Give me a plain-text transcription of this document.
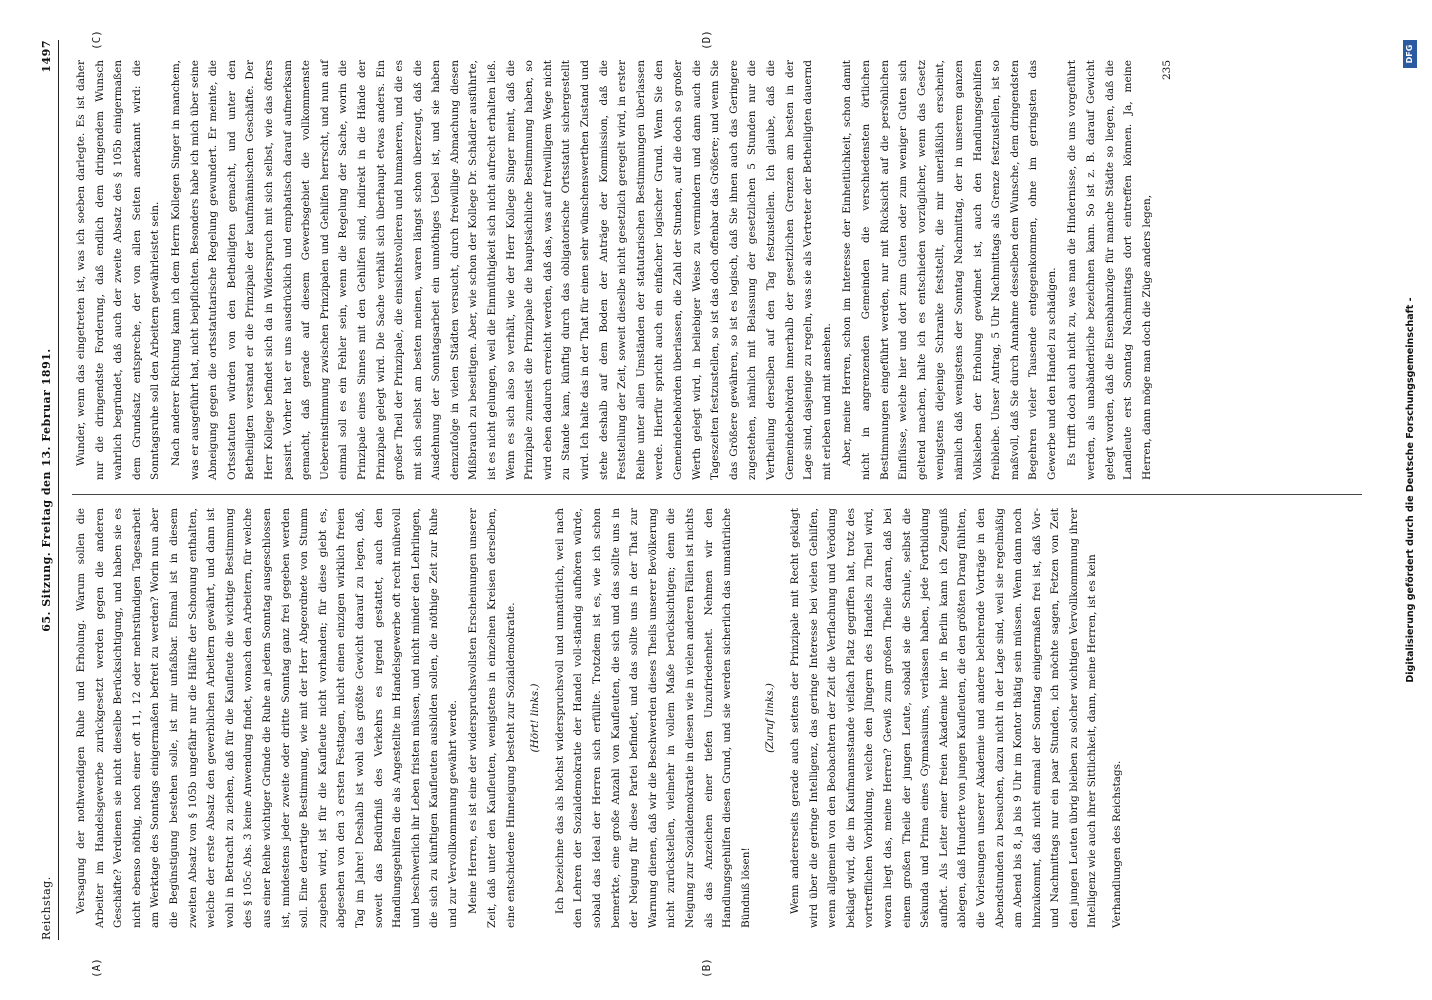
Reichstag.
65. Sitzung. Freitag den 13. Februar 1891.
1497
(A)	(B)
(C)	(D)

Versagung der nothwendigen Ruhe und Erholung. Warum sollen die Arbeiter im Handelsgewerbe zurückgesetzt werden gegen die anderen Geschäfte? Verdienen sie nicht dieselbe Berücksichtigung, und haben sie es nicht ebenso nöthig, noch einer oft 11, 12 oder mehrstündigen Tagesarbeit am Werktage des Sonntags einigermaßen befreit zu werden? Worin nun aber die Begünstigung bestehen solle, ist mir unfaßbar. Einmal ist in diesem zweiten Absatz von § 105b ungefähr nur die Hälfte der Schonung enthalten, welche der erste Absatz den gewerblichen Arbeitern gewährt, und dann ist wohl in Betracht zu ziehen, daß für die Kaufleute die wichtige Bestimmung des § 105c Abs. 3 keine Anwendung findet, wonach den Arbeitern, für welche aus einer Reihe wichtiger Gründe die Ruhe an jedem Sonntag ausgeschlossen ist, mindestens jeder zweite oder dritte Sonntag ganz frei gegeben werden soll. Eine derartige Bestimmung, wie mit der Herr Abgeordnete von Stumm zugeben wird, ist für die Kaufleute nicht vorhanden; für diese giebt es, abgesehen von den 3 ersten Festtagen, nicht einen einzigen wirklich freien Tag im Jahre! Deshalb ist wohl das größte Gewicht darauf zu legen, daß, soweit das Bedürfniß des Verkehrs es irgend gestattet, auch den Handlungsgehilfen die als Angestellte im Handelsgewerbe oft recht mühevoll und beschwerlich ihr Leben fristen müssen, und nicht minder den Lehrlingen, die sich zu künftigen Kaufleuten ausbilden sollen, die nöthige Zeit zur Ruhe und zur Vervollkommnung gewährt werde. Meine Herren, es ist eine der widerspruchsvollsten Erscheinungen unserer Zeit, daß unter den Kaufleuten, wenigstens in einzelnen Kreisen derselben, eine entschiedene Hinneigung besteht zur Sozialdemokratie.	(Hört! links.)	Ich bezeichne das als höchst widerspruchsvoll und unnatürlich, weil nach den Lehren der Sozialdemokratie der Handel voll-ständig aufhören würde, sobald das Ideal der Herren sich erfüllte. Trotzdem ist es, wie ich schon bemerkte, eine große Anzahl von Kaufleuten, die sich und das sollte uns in der Neigung für diese Partei befindet, und das sollte uns in der That zur Warnung dienen, daß wir die Beschwerden dieses Theils unserer Bevölkerung nicht zurückstellen, vielmehr in vollem Maße berücksichtigen; denn die Neigung zur Sozialdemokratie in diesen wie in vielen anderen Fällen ist nichts als das Anzeichen einer tiefen Unzufriedenheit. Nehmen wir den Handlungsgehilfen diesen Grund, und sie werden sicherlich das unnatürliche Bündniß lösen!

(Zuruf links.)	Wenn andererseits gerade auch seitens der Prinzipale mit Recht geklagt wird über die geringe Intelligenz, das geringe Interesse bei vielen Gehilfen, wenn allgemein von den Beobachtern der Zeit die Verflachung und Verödung beklagt wird, die im Kaufmannsstande vielfach Platz gegriffen hat, trotz des vortrefflichen Vorbildung, welche den Jüngern des Handels zu Theil wird, woran liegt das, meine Herren? Gewiß zum großen Theile daran, daß bei einem großen Theile der jungen Leute, sobald sie die Schule, selbst die Sekunda und Prima eines Gymnasiums, verlassen haben, jede Fortbildung aufhört. Als Leiter einer freien Akademie hier in Berlin kann ich Zeugniß ablegen, daß Hunderte von jungen Kaufleuten, die den größten Drang fühlten, die Vorlesungen unserer Akademie und andere belehrende Vorträge in den Abendstunden zu besuchen, dazu nicht in der Lage sind, weil sie regelmäßig am Abend bis 8, ja bis 9 Uhr im Kontor thätig sein müssen. Wenn dann noch hinzukommt, daß nicht einmal der Sonntag einigermaßen frei ist, daß Vor- und Nachmittags nur ein paar Stunden, ich möchte sagen, Fetzen von Zeit den jungen Leuten übrig bleiben zu solcher wichtigen Vervollkommnung ihrer Intelligenz wie auch ihrer Sittlichkeit, dann, meine Herren, ist es kein	Verhandlungen des Reichstags.

Wunder, wenn das eingetreten ist, was ich soeben darlegte. Es ist daher nur die dringendste Forderung, daß endlich dem dringendem Wunsch wahrlich begründet, daß auch der zweite Absatz des § 105b einigermaßen dem Grundsatz entspreche, der von allen Seiten anerkannt wird: die Sonntagsruhe soll den Arbeitern gewährleistet sein. Nach anderer Richtung kann ich dem Herrn Kollegen Singer in manchem, was er ausgeführt hat, nicht beipflichten. Besonders habe ich mich über seine Abneigung gegen die ortsstatutarische Regelung gewundert. Er meinte, die Ortsstatuten würden von den Betheiligten gemacht, und unter den Betheiligten verstand er die Prinzipale der kaufmännischen Geschäfte. Der Herr Kollege befindet sich da in Widerspruch mit sich selbst, wie das öfters passirt. Vorher hat er uns ausdrücklich und emphatisch darauf aufmerksam gemacht, daß gerade auf diesem Gewerbsgebiet die vollkommenste Uebereinstimmung zwischen Prinzipalen und Gehilfen herrscht, und nun auf einmal soll es ein Fehler sein, wenn die Regelung der Sache, worin die Prinzipale eines Sinnes mit den Gehilfen sind, indirekt in die Hände der Prinzipale gelegt wird. Die Sache verhält sich überhaupt etwas anders. Ein großer Theil der Prinzipale, die einsichtsvolleren und humaneren, und die es mit sich selbst am besten meinen, waren längst schon überzeugt, daß die Ausdehnung der Sonntagsarbeit ein unnöthiges Uebel ist, und sie haben demzufolge in vielen Städten versucht, durch freiwillige Abmachung diesen Mißbrauch zu beseitigen. Aber, wie schon der Kollege Dr. Schädler ausführte, ist es nicht gelungen, weil die Einmüthigkeit sich nicht aufrecht erhalten ließ. Wenn es sich also so verhält, wie der Herr Kollege Singer meint, daß die Prinzipale zumeist die Prinzipale die hauptsächliche Bestimmung haben, so wird eben dadurch erreicht werden, daß das, was auf freiwilligem Wege nicht zu Stande kam, künftig durch das obligatorische Ortsstatut sichergestellt wird. Ich halte das in der That für einen sehr wünschenswerthen Zustand und stehe deshalb auf dem Boden der Anträge der Kommission, daß die Feststellung der Zeit, soweit dieselbe nicht gesetzlich geregelt wird, in erster Reihe unter allen Umständen der statutarischen Bestimmungen überlassen werde. Hierfür spricht auch ein einfacher logischer Grund. Wenn Sie den Gemeindebehörden überlassen, die Zahl der Stunden, auf die doch so großer Werth gelegt wird, in beliebiger Weise zu vermindern und dann auch die Tageszeiten festzustellen, so ist das doch offenbar das Größere; und wenn Sie das Größere gewähren, so ist es logisch, daß Sie ihnen auch das Geringere zugestehen, nämlich mit Belassung der gesetzlichen 5 Stunden nur die Vertheilung derselben auf den Tag festzustellen. Ich glaube, daß die Gemeindebehörden innerhalb der gesetzlichen Grenzen am besten in der Lage sind, dasjenige zu regeln, was sie als Vertreter der Betheiligten dauernd mit erleben und mit ansehen. Aber, meine Herren, schon im Interesse der Einheitlichkeit, schon damit nicht in angrenzenden Gemeinden die verschiedensten örtlichen Bestimmungen eingeführt werden, nur mit Rücksicht auf die persönlichen Einflüsse, welche hier und dort zum Guten oder zum weniger Guten sich geltend machen, halte ich es entschieden vorzüglicher, wenn das Gesetz wenigstens diejenige Schranke feststellt, die mir unerläßlich erscheint, nämlich daß wenigstens der Sonntag Nachmittag, der in unserem ganzen Volksleben der Erholung gewidmet ist, auch den Handlungsgehilfen freibleibe. Unser Antrag, 5 Uhr Nachmittags als Grenze festzustellen, ist so maßvoll, daß Sie durch Annahme desselben dem Wunsche, dem dringendsten Begehren vieler Tausende entgegenkommen, ohne im geringsten das Gewerbe und den Handel zu schädigen. Es trifft doch auch nicht zu, was man die Hindernisse, die uns vorgeführt werden, als unabänderliche bezeichnen kann. So ist z. B. darauf Gewicht gelegt worden, daß die Eisenbahnzüge für manche Städte so liegen, daß die Landleute erst Sonntag Nachmittags dort eintreffen können. Ja, meine Herren, dann möge man doch die Züge anders legen,

235

Digitalisierung gefördert durch die Deutsche Forschungsgemeinschaft -
DFG
